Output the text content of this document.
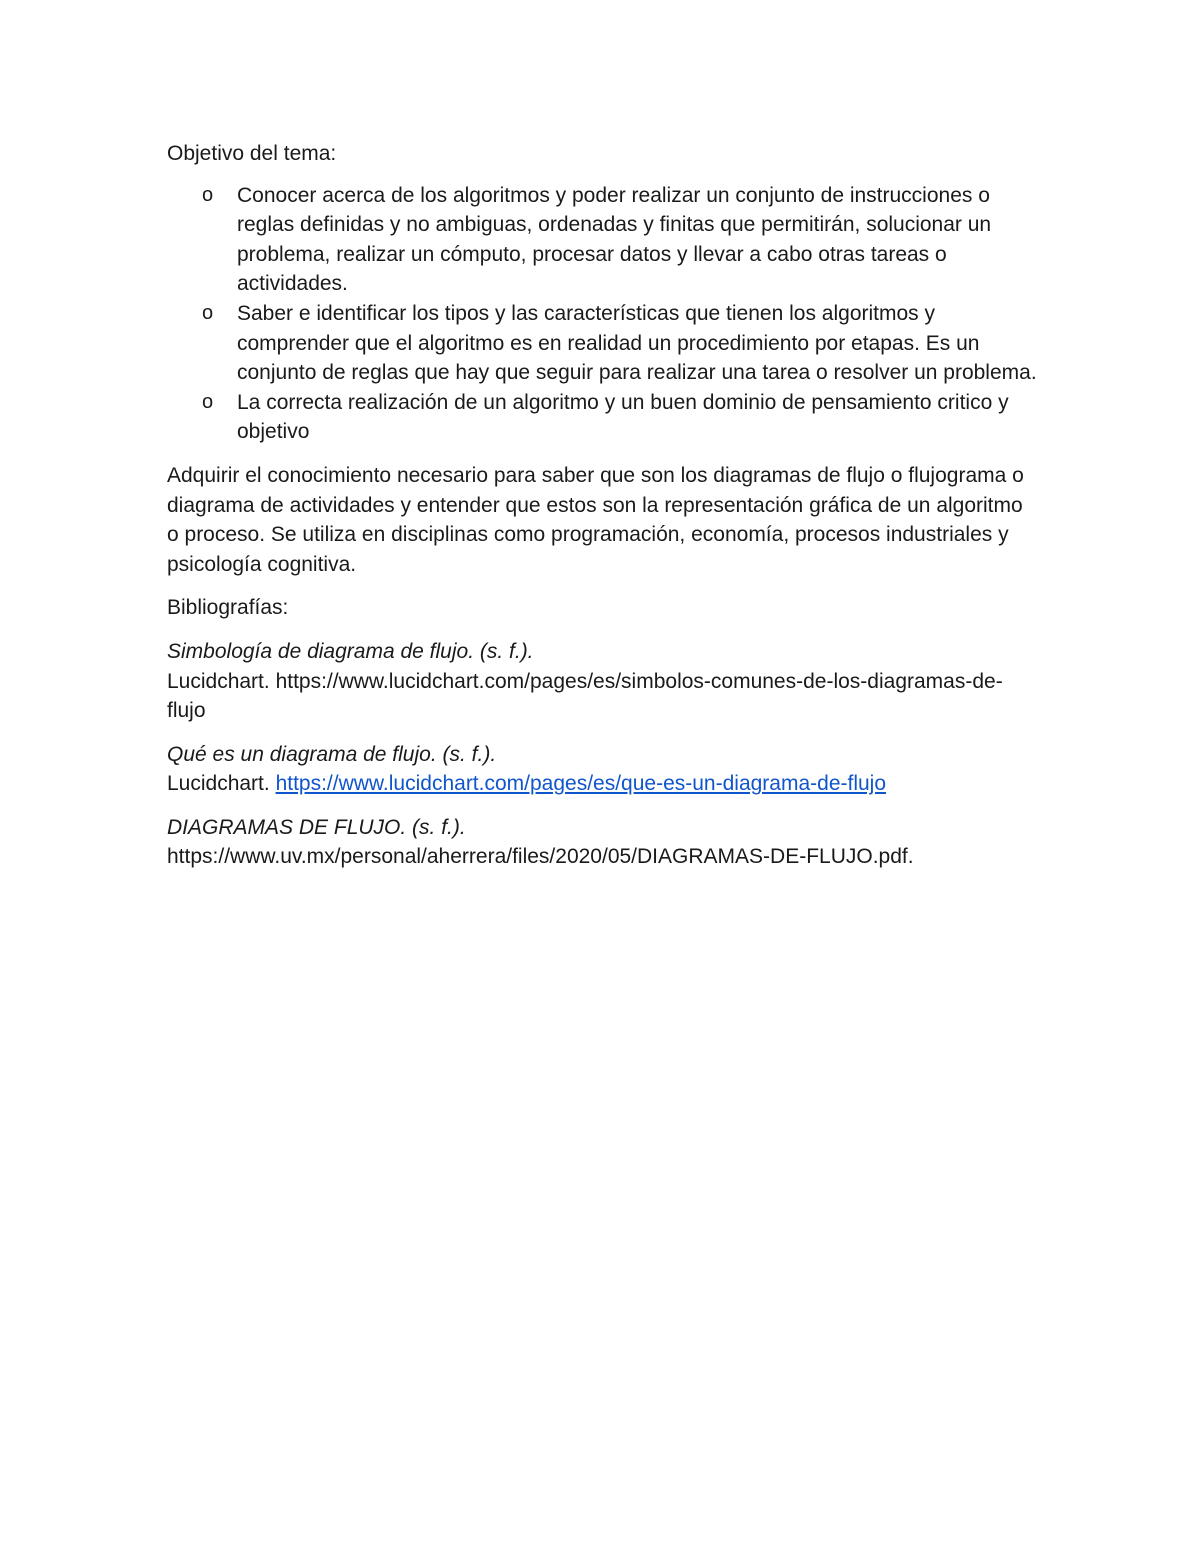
Objetivo del tema:
o Conocer acerca de los algoritmos y poder realizar un conjunto de instrucciones o reglas definidas y no ambiguas, ordenadas y finitas que permitirán, solucionar un problema, realizar un cómputo, procesar datos y llevar a cabo otras tareas o actividades.
o Saber e identificar los tipos y las características que tienen los algoritmos y comprender que el algoritmo es en realidad un procedimiento por etapas. Es un conjunto de reglas que hay que seguir para realizar una tarea o resolver un problema.
o La correcta realización de un algoritmo y un buen dominio de pensamiento critico y objetivo
Adquirir el conocimiento necesario para saber que son los diagramas de flujo o flujograma o diagrama de actividades y entender que estos son la representación gráfica de un algoritmo o proceso. Se utiliza en disciplinas como programación, economía, procesos industriales y psicología cognitiva.
Bibliografías:
Simbología de diagrama de flujo. (s. f.).
Lucidchart. https://www.lucidchart.com/pages/es/simbolos-comunes-de-los-diagramas-de-flujo
Qué es un diagrama de flujo. (s. f.).
Lucidchart. https://www.lucidchart.com/pages/es/que-es-un-diagrama-de-flujo
DIAGRAMAS DE FLUJO. (s. f.).
https://www.uv.mx/personal/aherrera/files/2020/05/DIAGRAMAS-DE-FLUJO.pdf.
